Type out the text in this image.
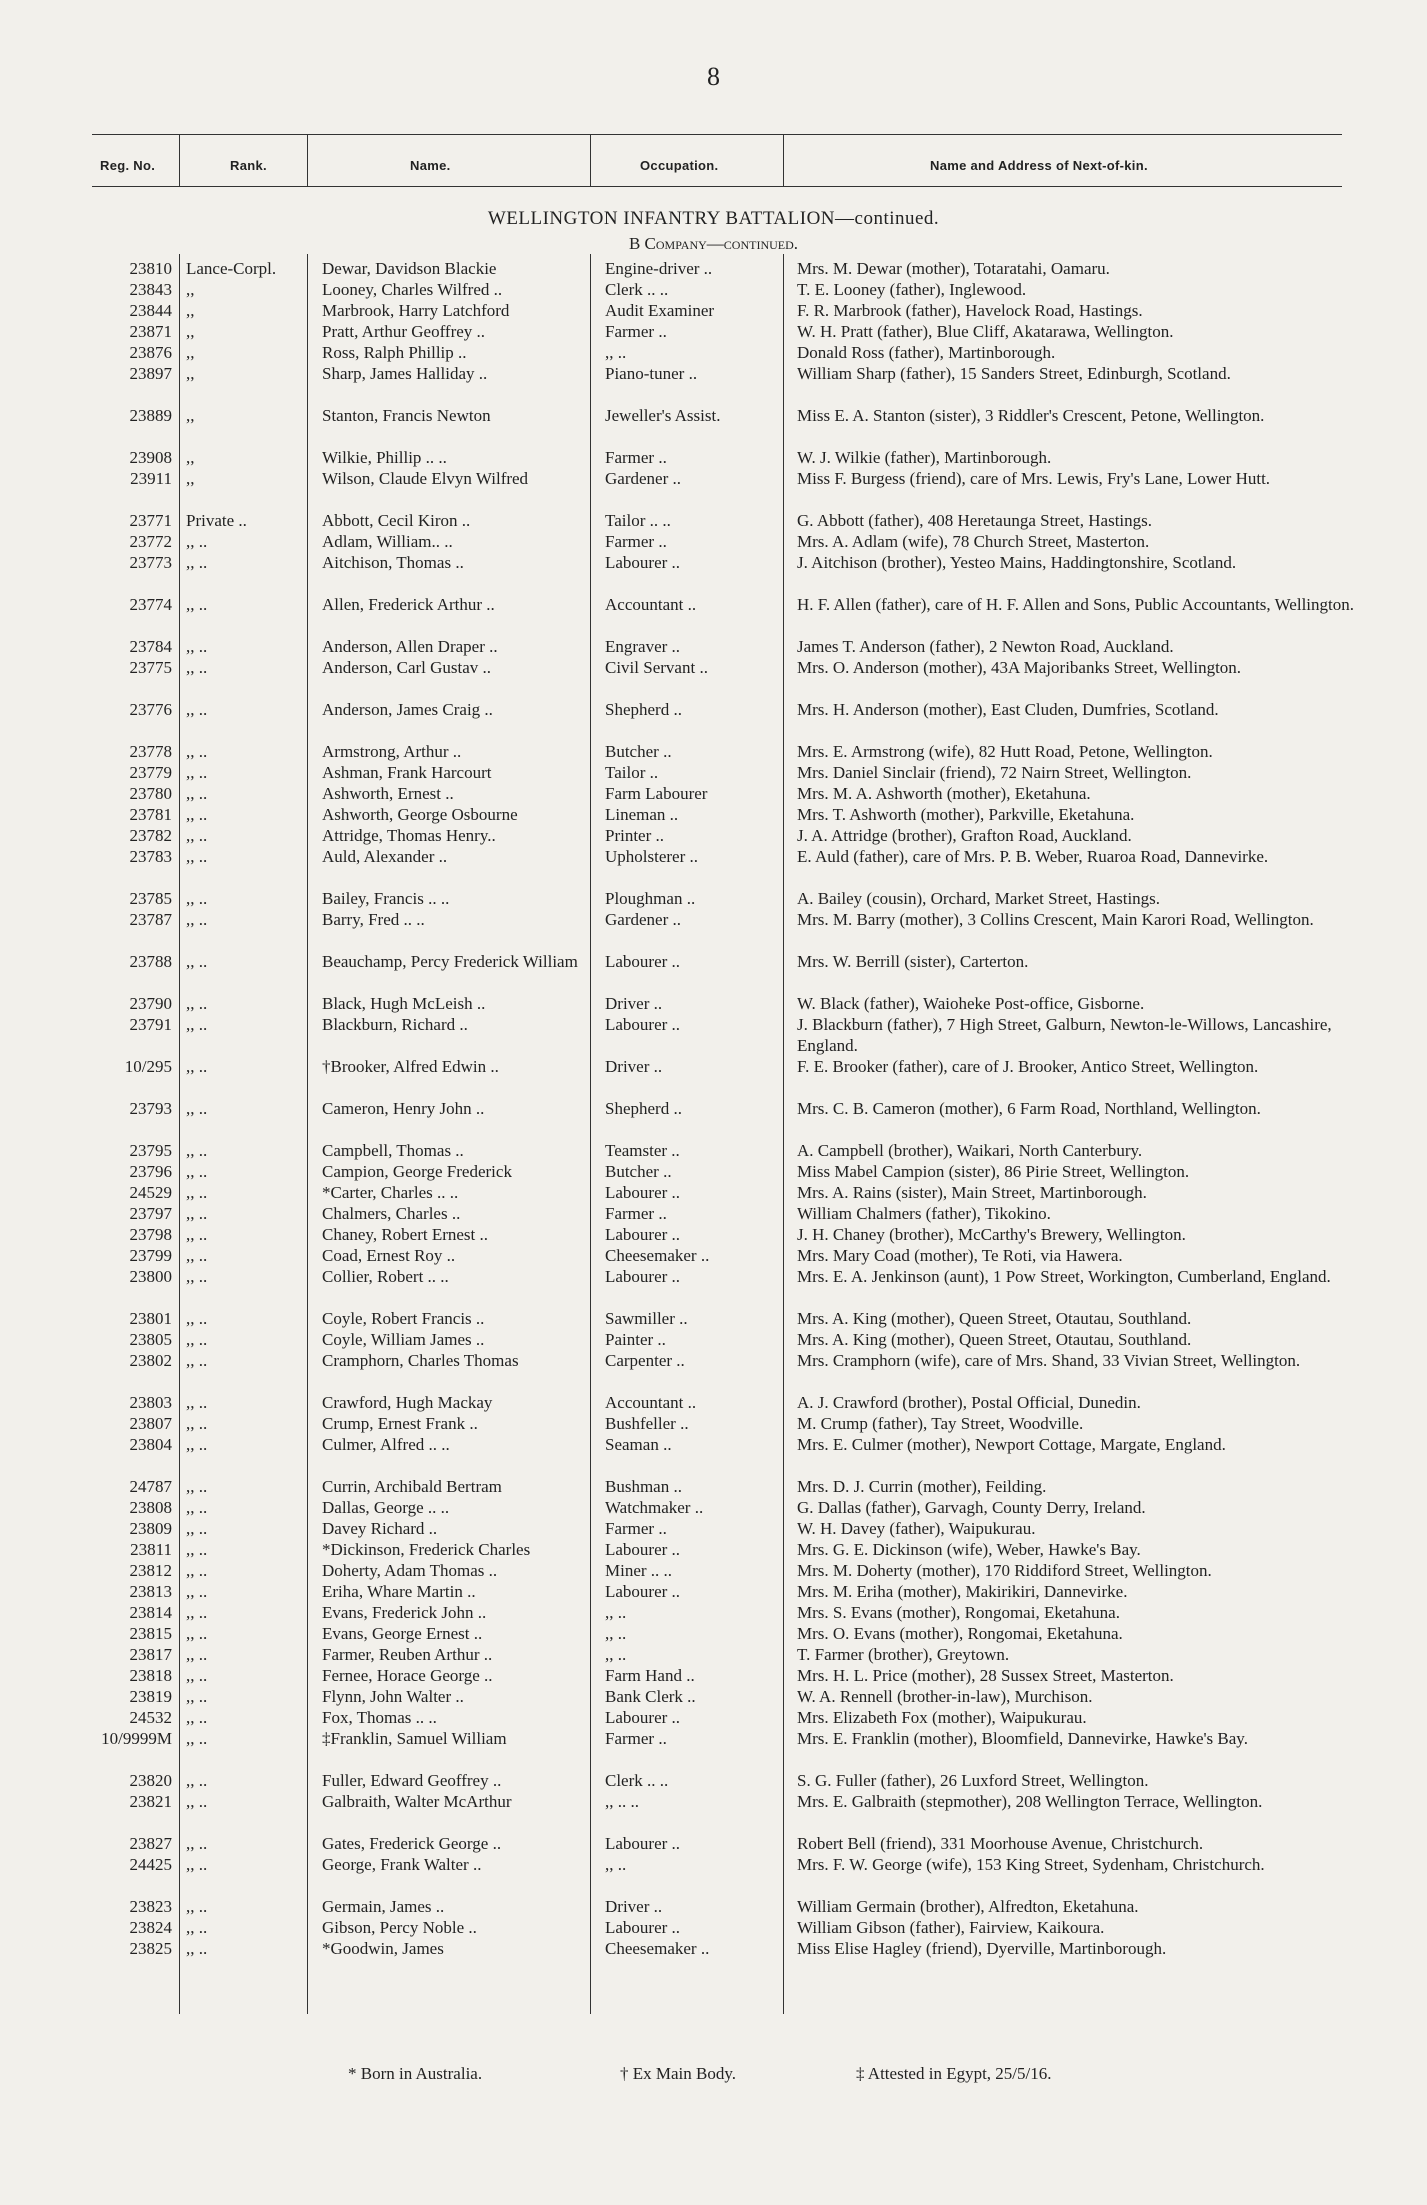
8
Reg. No.	Rank.	Name.	Occupation.	Name and Address of Next-of-kin.
WELLINGTON INFANTRY BATTALION—continued.
B Company—continued.
23810 Lance-Corpl.	Dewar, Davidson Blackie	Engine-driver ..	Mrs. M. Dewar (mother), Totaratahi, Oamaru.
23843 ,,	Looney, Charles Wilfred ..	Clerk .. ..	T. E. Looney (father), Inglewood.
23844 ,,	Marbrook, Harry Latchford	Audit Examiner	F. R. Marbrook (father), Havelock Road, Hastings.
23871 ,,	Pratt, Arthur Geoffrey ..	Farmer ..	W. H. Pratt (father), Blue Cliff, Akatarawa, Wellington.
23876 ,,	Ross, Ralph Phillip ..	,, ..	Donald Ross (father), Martinborough.
23897 ,,	Sharp, James Halliday ..	Piano-tuner ..	William Sharp (father), 15 Sanders Street, Edinburgh, Scotland.
23889 ,,	Stanton, Francis Newton	Jeweller's Assist.	Miss E. A. Stanton (sister), 3 Riddler's Crescent, Petone, Wellington.
23908 ,,	Wilkie, Phillip .. ..	Farmer ..	W. J. Wilkie (father), Martinborough.
23911 ,,	Wilson, Claude Elvyn Wilfred	Gardener ..	Miss F. Burgess (friend), care of Mrs. Lewis, Fry's Lane, Lower Hutt.
23771 Private ..	Abbott, Cecil Kiron ..	Tailor .. ..	G. Abbott (father), 408 Heretaunga Street, Hastings.
23772 ,, ..	Adlam, William.. ..	Farmer ..	Mrs. A. Adlam (wife), 78 Church Street, Masterton.
23773 ,, ..	Aitchison, Thomas ..	Labourer ..	J. Aitchison (brother), Yesteo Mains, Haddingtonshire, Scotland.
23774 ,, ..	Allen, Frederick Arthur ..	Accountant ..	H. F. Allen (father), care of H. F. Allen and Sons, Public Accountants, Wellington.
23784 ,, ..	Anderson, Allen Draper ..	Engraver ..	James T. Anderson (father), 2 Newton Road, Auckland.
23775 ,, ..	Anderson, Carl Gustav ..	Civil Servant ..	Mrs. O. Anderson (mother), 43A Majoribanks Street, Wellington.
23776 ,, ..	Anderson, James Craig ..	Shepherd ..	Mrs. H. Anderson (mother), East Cluden, Dumfries, Scotland.
23778 ,, ..	Armstrong, Arthur ..	Butcher ..	Mrs. E. Armstrong (wife), 82 Hutt Road, Petone, Wellington.
23779 ,, ..	Ashman, Frank Harcourt	Tailor ..	Mrs. Daniel Sinclair (friend), 72 Nairn Street, Wellington.
23780 ,, ..	Ashworth, Ernest ..	Farm Labourer	Mrs. M. A. Ashworth (mother), Eketahuna.
23781 ,, ..	Ashworth, George Osbourne	Lineman ..	Mrs. T. Ashworth (mother), Parkville, Eketahuna.
23782 ,, ..	Attridge, Thomas Henry..	Printer ..	J. A. Attridge (brother), Grafton Road, Auckland.
23783 ,, ..	Auld, Alexander ..	Upholsterer ..	E. Auld (father), care of Mrs. P. B. Weber, Ruaroa Road, Dannevirke.
23785 ,, ..	Bailey, Francis .. ..	Ploughman ..	A. Bailey (cousin), Orchard, Market Street, Hastings.
23787 ,, ..	Barry, Fred .. ..	Gardener ..	Mrs. M. Barry (mother), 3 Collins Crescent, Main Karori Road, Wellington.
23788 ,, ..	Beauchamp, Percy Frederick William	Labourer ..	Mrs. W. Berrill (sister), Carterton.
23790 ,, ..	Black, Hugh McLeish ..	Driver ..	W. Black (father), Waioheke Post-office, Gisborne.
23791 ,, ..	Blackburn, Richard ..	Labourer ..	J. Blackburn (father), 7 High Street, Galburn, Newton-le-Willows, Lancashire, England.
10/295 ,, ..	†Brooker, Alfred Edwin ..	Driver ..	F. E. Brooker (father), care of J. Brooker, Antico Street, Wellington.
23793 ,, ..	Cameron, Henry John ..	Shepherd ..	Mrs. C. B. Cameron (mother), 6 Farm Road, Northland, Wellington.
23795 ,, ..	Campbell, Thomas ..	Teamster ..	A. Campbell (brother), Waikari, North Canterbury.
23796 ,, ..	Campion, George Frederick	Butcher ..	Miss Mabel Campion (sister), 86 Pirie Street, Wellington.
24529 ,, ..	*Carter, Charles .. ..	Labourer ..	Mrs. A. Rains (sister), Main Street, Martinborough.
23797 ,, ..	Chalmers, Charles ..	Farmer ..	William Chalmers (father), Tikokino.
23798 ,, ..	Chaney, Robert Ernest ..	Labourer ..	J. H. Chaney (brother), McCarthy's Brewery, Wellington.
23799 ,, ..	Coad, Ernest Roy ..	Cheesemaker ..	Mrs. Mary Coad (mother), Te Roti, via Hawera.
23800 ,, ..	Collier, Robert .. ..	Labourer ..	Mrs. E. A. Jenkinson (aunt), 1 Pow Street, Workington, Cumberland, England.
23801 ,, ..	Coyle, Robert Francis ..	Sawmiller ..	Mrs. A. King (mother), Queen Street, Otautau, Southland.
23805 ,, ..	Coyle, William James ..	Painter ..	Mrs. A. King (mother), Queen Street, Otautau, Southland.
23802 ,, ..	Cramphorn, Charles Thomas	Carpenter ..	Mrs. Cramphorn (wife), care of Mrs. Shand, 33 Vivian Street, Wellington.
23803 ,, ..	Crawford, Hugh Mackay	Accountant ..	A. J. Crawford (brother), Postal Official, Dunedin.
23807 ,, ..	Crump, Ernest Frank ..	Bushfeller ..	M. Crump (father), Tay Street, Woodville.
23804 ,, ..	Culmer, Alfred .. ..	Seaman ..	Mrs. E. Culmer (mother), Newport Cottage, Margate, England.
24787 ,, ..	Currin, Archibald Bertram	Bushman ..	Mrs. D. J. Currin (mother), Feilding.
23808 ,, ..	Dallas, George .. ..	Watchmaker ..	G. Dallas (father), Garvagh, County Derry, Ireland.
23809 ,, ..	Davey Richard ..	Farmer ..	W. H. Davey (father), Waipukurau.
23811 ,, ..	*Dickinson, Frederick Charles	Labourer ..	Mrs. G. E. Dickinson (wife), Weber, Hawke's Bay.
23812 ,, ..	Doherty, Adam Thomas ..	Miner .. ..	Mrs. M. Doherty (mother), 170 Riddiford Street, Wellington.
23813 ,, ..	Eriha, Whare Martin ..	Labourer ..	Mrs. M. Eriha (mother), Makirikiri, Dannevirke.
23814 ,, ..	Evans, Frederick John ..	,, ..	Mrs. S. Evans (mother), Rongomai, Eketahuna.
23815 ,, ..	Evans, George Ernest ..	,, ..	Mrs. O. Evans (mother), Rongomai, Eketahuna.
23817 ,, ..	Farmer, Reuben Arthur ..	,, ..	T. Farmer (brother), Greytown.
23818 ,, ..	Fernee, Horace George ..	Farm Hand ..	Mrs. H. L. Price (mother), 28 Sussex Street, Masterton.
23819 ,, ..	Flynn, John Walter ..	Bank Clerk ..	W. A. Rennell (brother-in-law), Murchison.
24532 ,, ..	Fox, Thomas .. ..	Labourer ..	Mrs. Elizabeth Fox (mother), Waipukurau.
10/9999M ,, ..	‡Franklin, Samuel William	Farmer ..	Mrs. E. Franklin (mother), Bloomfield, Dannevirke, Hawke's Bay.
23820 ,, ..	Fuller, Edward Geoffrey ..	Clerk .. ..	S. G. Fuller (father), 26 Luxford Street, Wellington.
23821 ,, ..	Galbraith, Walter McArthur	,, .. ..	Mrs. E. Galbraith (stepmother), 208 Wellington Terrace, Wellington.
23827 ,, ..	Gates, Frederick George ..	Labourer ..	Robert Bell (friend), 331 Moorhouse Avenue, Christchurch.
24425 ,, ..	George, Frank Walter ..	,, ..	Mrs. F. W. George (wife), 153 King Street, Sydenham, Christchurch.
23823 ,, ..	Germain, James ..	Driver ..	William Germain (brother), Alfredton, Eketahuna.
23824 ,, ..	Gibson, Percy Noble ..	Labourer ..	William Gibson (father), Fairview, Kaikoura.
23825 ,, ..	*Goodwin, James	Cheesemaker ..	Miss Elise Hagley (friend), Dyerville, Martinborough.
* Born in Australia.	† Ex Main Body.	‡ Attested in Egypt, 25/5/16.
